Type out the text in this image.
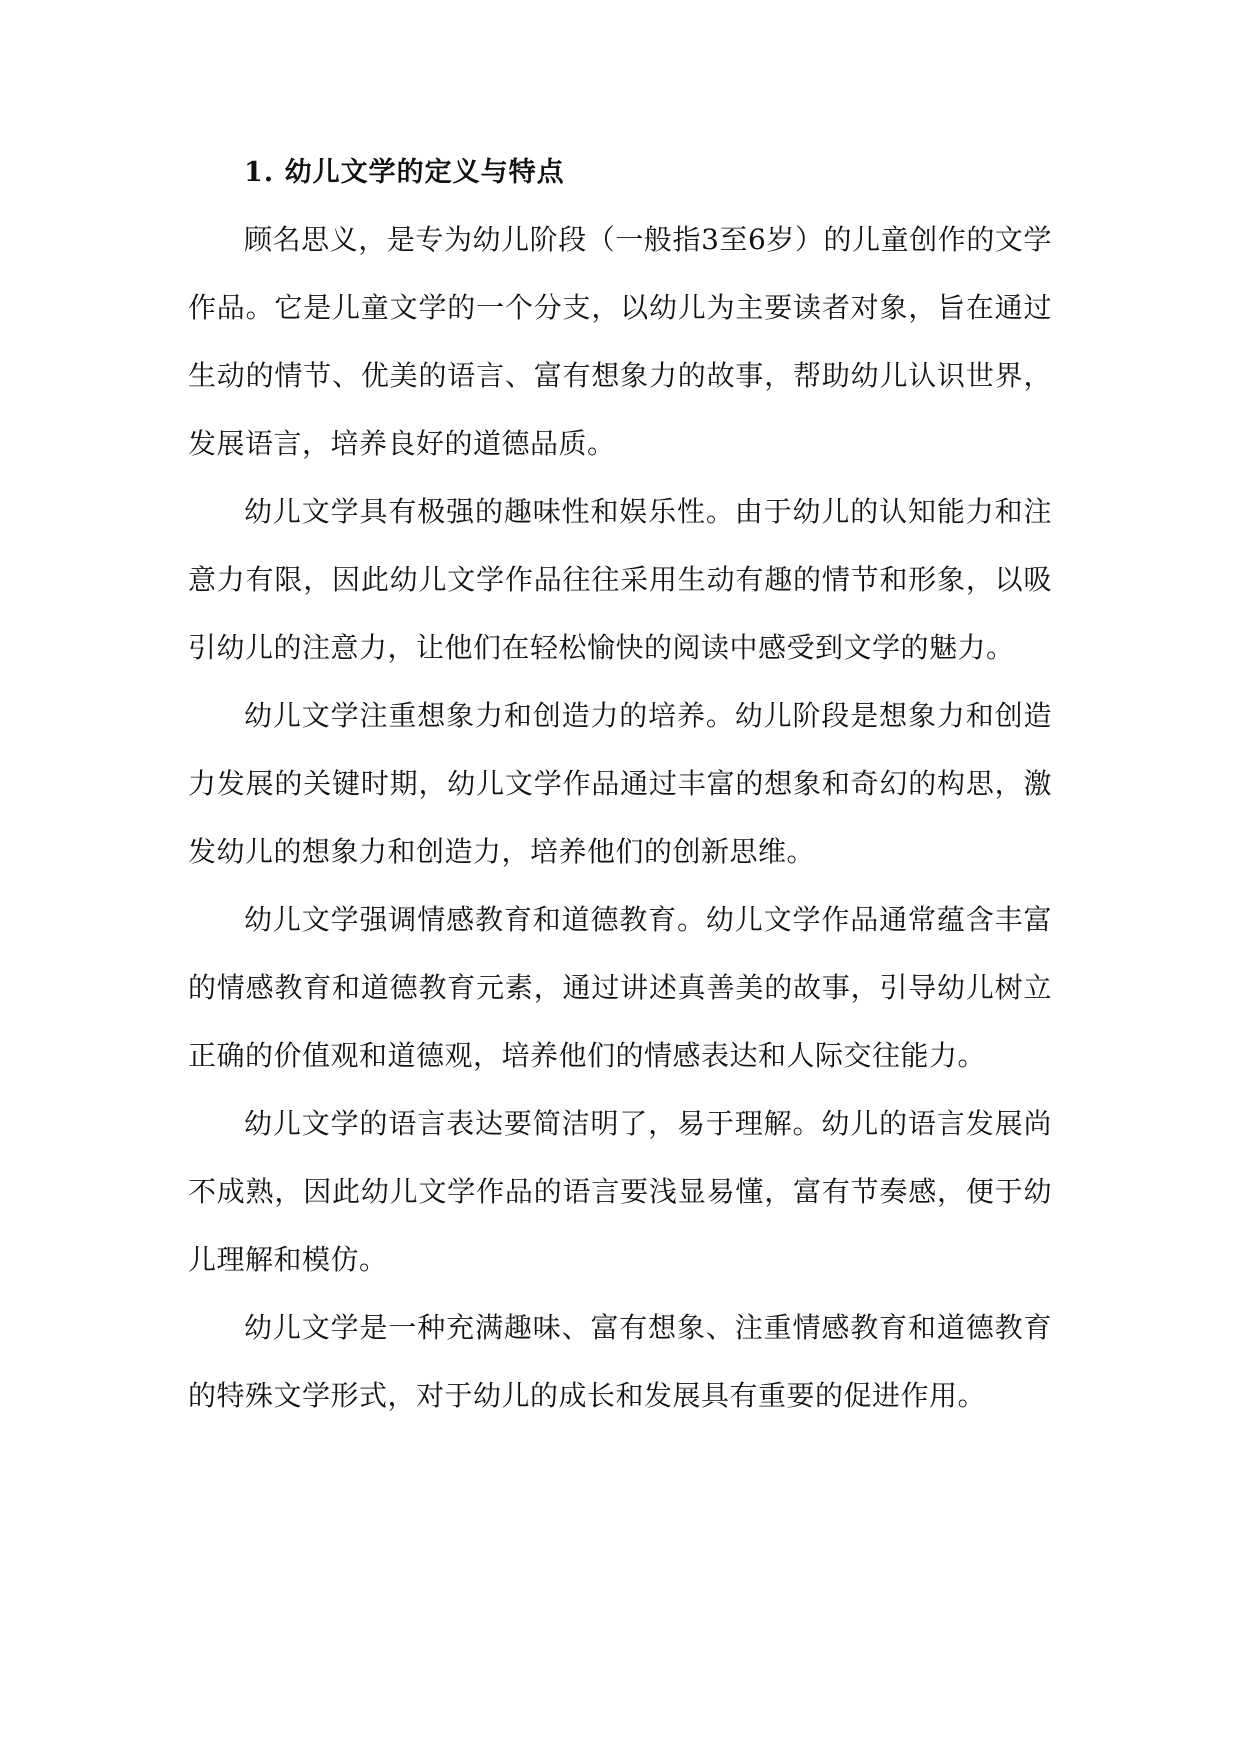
1. 幼儿文学的定义与特点

顾名思义，是专为幼儿阶段（一般指3至6岁）的儿童创作的文学作品。它是儿童文学的一个分支，以幼儿为主要读者对象，旨在通过生动的情节、优美的语言、富有想象力的故事，帮助幼儿认识世界，发展语言，培养良好的道德品质。

幼儿文学具有极强的趣味性和娱乐性。由于幼儿的认知能力和注意力有限，因此幼儿文学作品往往采用生动有趣的情节和形象，以吸引幼儿的注意力，让他们在轻松愉快的阅读中感受到文学的魅力。

幼儿文学注重想象力和创造力的培养。幼儿阶段是想象力和创造力发展的关键时期，幼儿文学作品通过丰富的想象和奇幻的构思，激发幼儿的想象力和创造力，培养他们的创新思维。

幼儿文学强调情感教育和道德教育。幼儿文学作品通常蕴含丰富的情感教育和道德教育元素，通过讲述真善美的故事，引导幼儿树立正确的价值观和道德观，培养他们的情感表达和人际交往能力。

幼儿文学的语言表达要简洁明了，易于理解。幼儿的语言发展尚不成熟，因此幼儿文学作品的语言要浅显易懂，富有节奏感，便于幼儿理解和模仿。

幼儿文学是一种充满趣味、富有想象、注重情感教育和道德教育的特殊文学形式，对于幼儿的成长和发展具有重要的促进作用。
